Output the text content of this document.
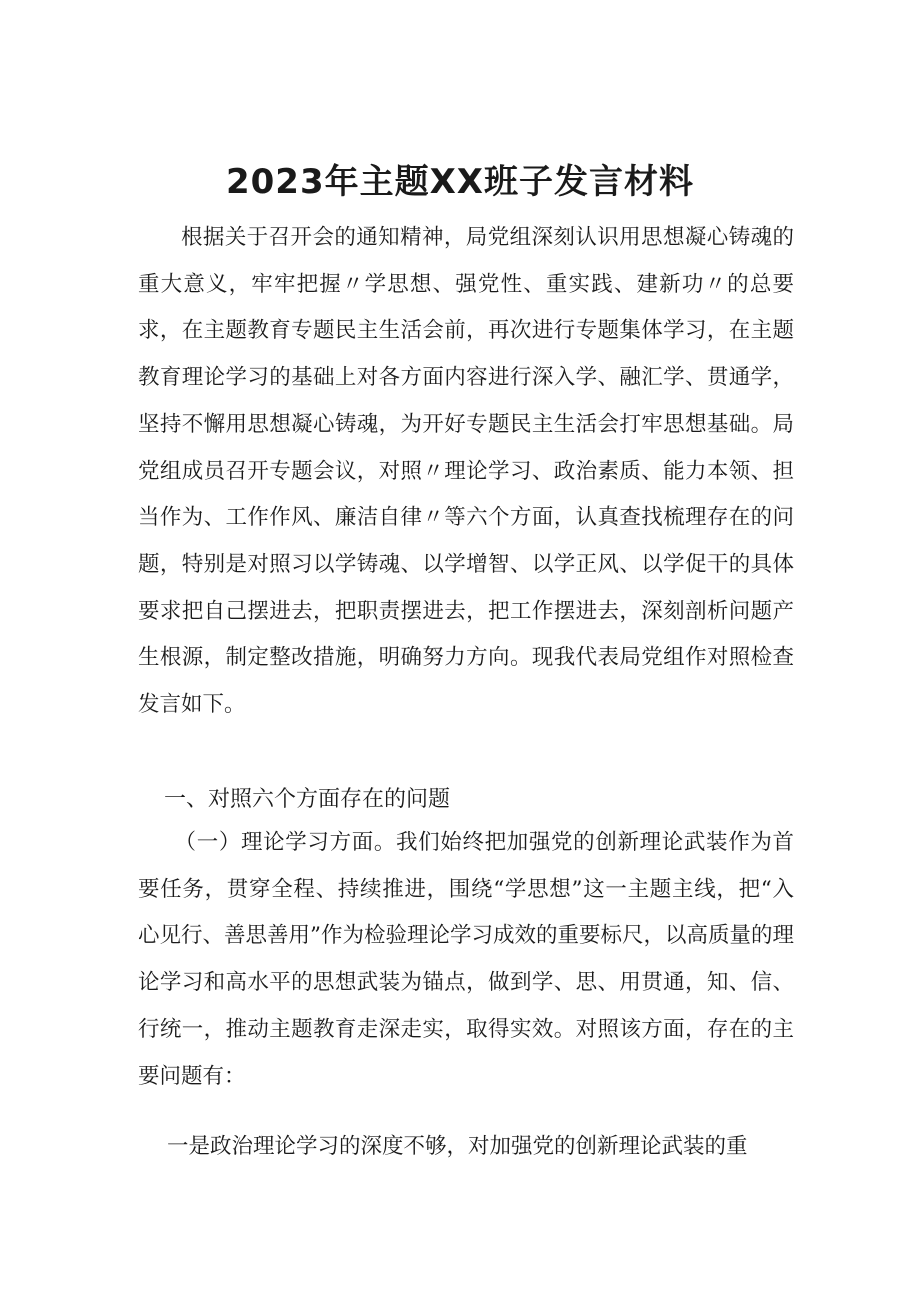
2023年主题XX班子发言材料

根据关于召开会的通知精神，局党组深刻认识用思想凝心铸魂的重大意义，牢牢把握〃学思想、强党性、重实践、建新功〃的总要求，在主题教育专题民主生活会前，再次进行专题集体学习，在主题教育理论学习的基础上对各方面内容进行深入学、融汇学、贯通学，坚持不懈用思想凝心铸魂，为开好专题民主生活会打牢思想基础。局党组成员召开专题会议，对照〃理论学习、政治素质、能力本领、担当作为、工作作风、廉洁自律〃等六个方面，认真查找梳理存在的问题，特别是对照习以学铸魂、以学增智、以学正风、以学促干的具体要求把自己摆进去，把职责摆进去，把工作摆进去，深刻剖析问题产生根源，制定整改措施，明确努力方向。现我代表局党组作对照检查发言如下。

一、对照六个方面存在的问题

（一）理论学习方面。我们始终把加强党的创新理论武装作为首要任务，贯穿全程、持续推进，围绕“学思想”这一主题主线，把“入心见行、善思善用”作为检验理论学习成效的重要标尺，以高质量的理论学习和高水平的思想武装为锚点，做到学、思、用贯通，知、信、行统一，推动主题教育走深走实，取得实效。对照该方面，存在的主要问题有：

一是政治理论学习的深度不够，对加强党的创新理论武装的重
